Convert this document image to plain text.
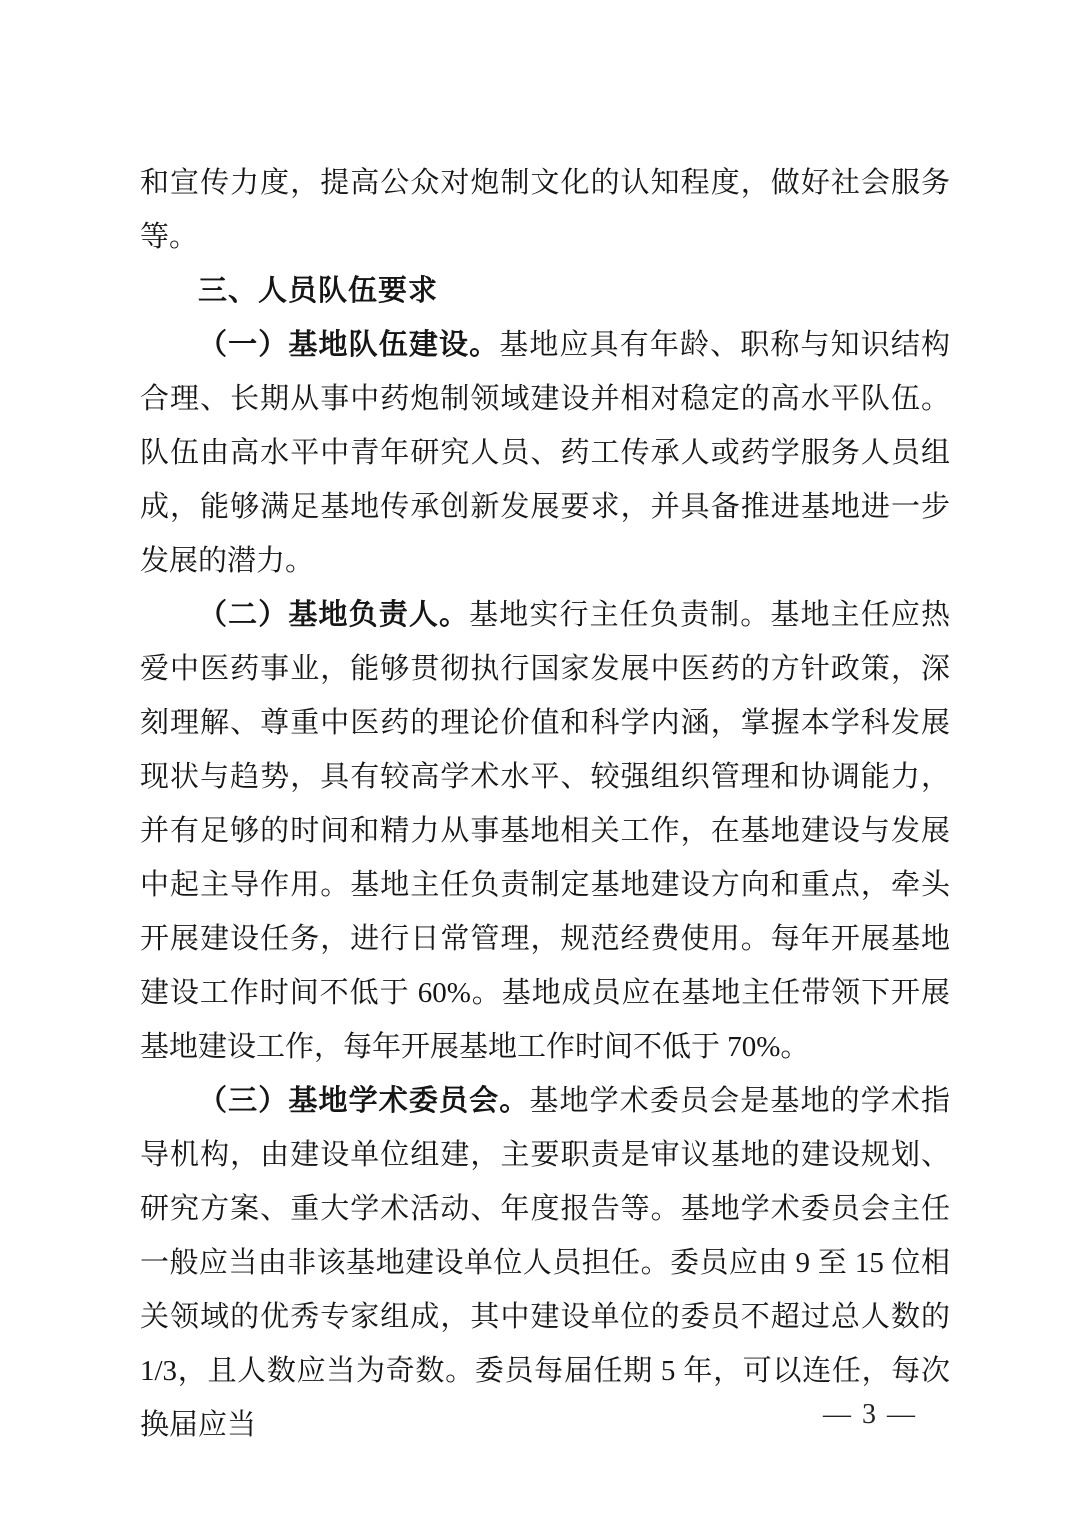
和宣传力度，提高公众对炮制文化的认知程度，做好社会服务等。

三、人员队伍要求

（一）基地队伍建设。基地应具有年龄、职称与知识结构合理、长期从事中药炮制领域建设并相对稳定的高水平队伍。队伍由高水平中青年研究人员、药工传承人或药学服务人员组成，能够满足基地传承创新发展要求，并具备推进基地进一步发展的潜力。

（二）基地负责人。基地实行主任负责制。基地主任应热爱中医药事业，能够贯彻执行国家发展中医药的方针政策，深刻理解、尊重中医药的理论价值和科学内涵，掌握本学科发展现状与趋势，具有较高学术水平、较强组织管理和协调能力，并有足够的时间和精力从事基地相关工作，在基地建设与发展中起主导作用。基地主任负责制定基地建设方向和重点，牵头开展建设任务，进行日常管理，规范经费使用。每年开展基地建设工作时间不低于 60%。基地成员应在基地主任带领下开展基地建设工作，每年开展基地工作时间不低于 70%。

（三）基地学术委员会。基地学术委员会是基地的学术指导机构，由建设单位组建，主要职责是审议基地的建设规划、研究方案、重大学术活动、年度报告等。基地学术委员会主任一般应当由非该基地建设单位人员担任。委员应由 9 至 15 位相关领域的优秀专家组成，其中建设单位的委员不超过总人数的 1/3，且人数应当为奇数。委员每届任期 5 年，可以连任，每次换届应当	— 3 —
